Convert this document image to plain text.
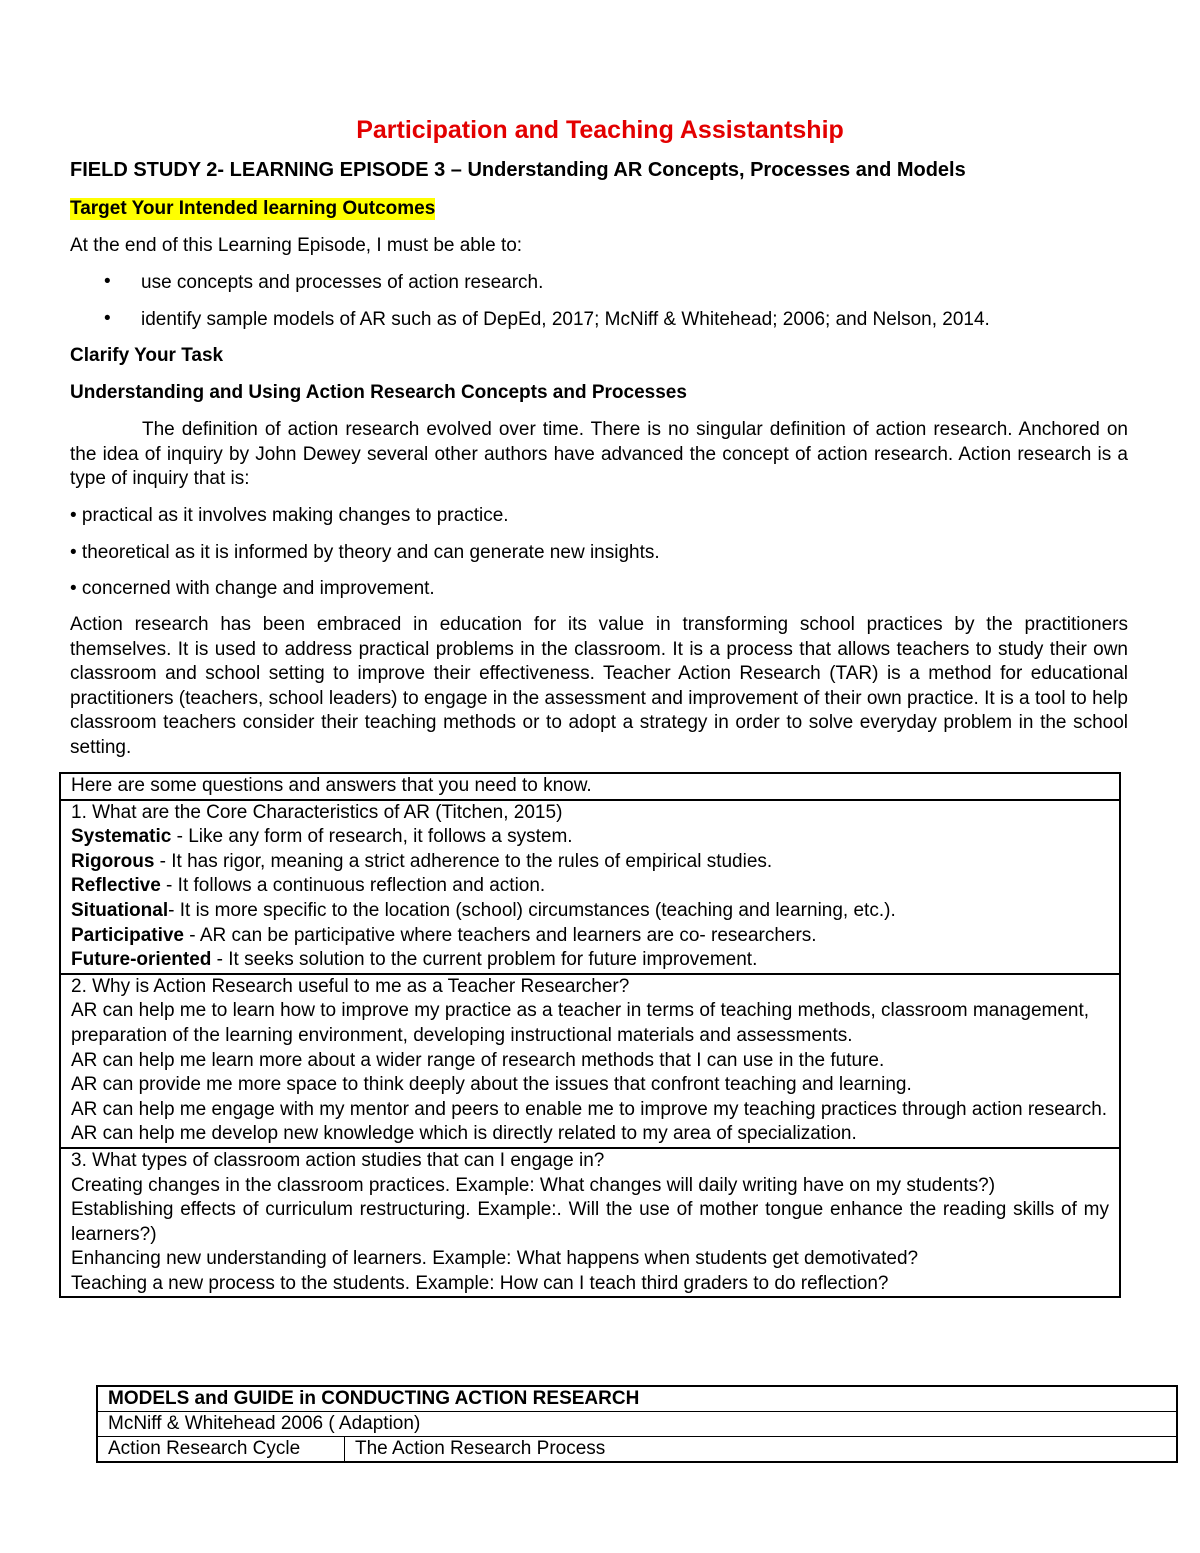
Participation and Teaching Assistantship
FIELD STUDY 2- LEARNING EPISODE 3 – Understanding AR Concepts, Processes and Models
Target Your Intended learning Outcomes
At the end of this Learning Episode, I must be able to:
• use concepts and processes of action research.
• identify sample models of AR such as of DepEd, 2017; McNiff & Whitehead; 2006; and Nelson, 2014.
Clarify Your Task
Understanding and Using Action Research Concepts and Processes
The definition of action research evolved over time. There is no singular definition of action research. Anchored on the idea of inquiry by John Dewey several other authors have advanced the concept of action research. Action research is a type of inquiry that is:
• practical as it involves making changes to practice.
• theoretical as it is informed by theory and can generate new insights.
• concerned with change and improvement.
Action research has been embraced in education for its value in transforming school practices by the practitioners themselves. It is used to address practical problems in the classroom. It is a process that allows teachers to study their own classroom and school setting to improve their effectiveness. Teacher Action Research (TAR) is a method for educational practitioners (teachers, school leaders) to engage in the assessment and improvement of their own practice. It is a tool to help classroom teachers consider their teaching methods or to adopt a strategy in order to solve everyday problem in the school setting.
Here are some questions and answers that you need to know.
1. What are the Core Characteristics of AR (Titchen, 2015)
Systematic - Like any form of research, it follows a system.
Rigorous - It has rigor, meaning a strict adherence to the rules of empirical studies.
Reflective - It follows a continuous reflection and action.
Situational- It is more specific to the location (school) circumstances (teaching and learning, etc.).
Participative - AR can be participative where teachers and learners are co- researchers.
Future-oriented - It seeks solution to the current problem for future improvement.
2. Why is Action Research useful to me as a Teacher Researcher?
AR can help me to learn how to improve my practice as a teacher in terms of teaching methods, classroom management, preparation of the learning environment, developing instructional materials and assessments.
AR can help me learn more about a wider range of research methods that I can use in the future.
AR can provide me more space to think deeply about the issues that confront teaching and learning.
AR can help me engage with my mentor and peers to enable me to improve my teaching practices through action research.
AR can help me develop new knowledge which is directly related to my area of specialization.
3. What types of classroom action studies that can I engage in?
Creating changes in the classroom practices. Example: What changes will daily writing have on my students?)
Establishing effects of curriculum restructuring. Example:. Will the use of mother tongue enhance the reading skills of my learners?)
Enhancing new understanding of learners. Example: What happens when students get demotivated?
Teaching a new process to the students. Example: How can I teach third graders to do reflection?
MODELS and GUIDE in CONDUCTING ACTION RESEARCH
McNiff & Whitehead 2006 ( Adaption)
Action Research Cycle	The Action Research Process
